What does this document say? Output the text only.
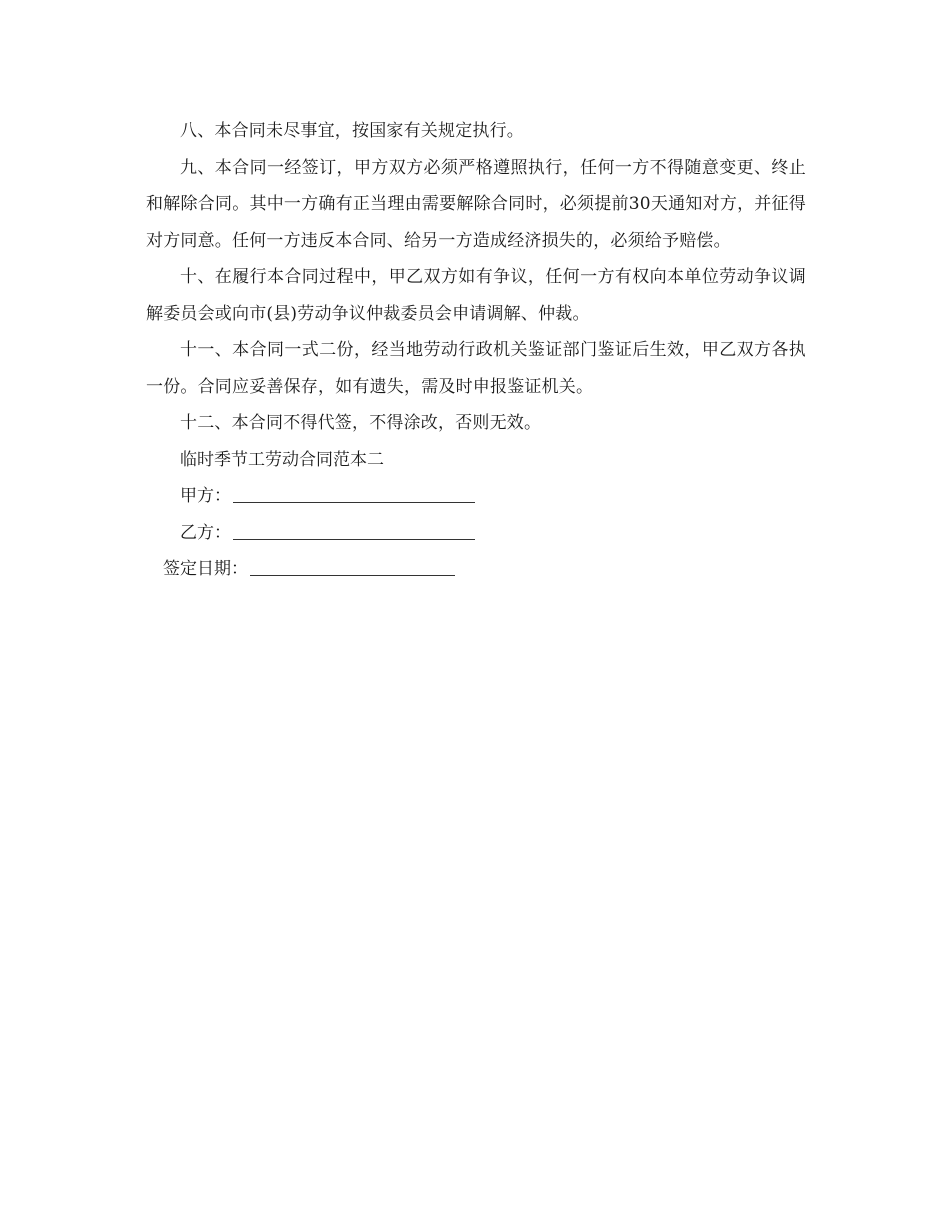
八、本合同未尽事宜，按国家有关规定执行。

九、本合同一经签订，甲方双方必须严格遵照执行，任何一方不得随意变更、终止和解除合同。其中一方确有正当理由需要解除合同时，必须提前30天通知对方，并征得对方同意。任何一方违反本合同、给另一方造成经济损失的，必须给予赔偿。

十、在履行本合同过程中，甲乙双方如有争议，任何一方有权向本单位劳动争议调解委员会或向市(县)劳动争议仲裁委员会申请调解、仲裁。

十一、本合同一式二份，经当地劳动行政机关鉴证部门鉴证后生效，甲乙双方各执一份。合同应妥善保存，如有遗失，需及时申报鉴证机关。

十二、本合同不得代签，不得涂改，否则无效。

临时季节工劳动合同范本二

甲方：

乙方：

签定日期：
